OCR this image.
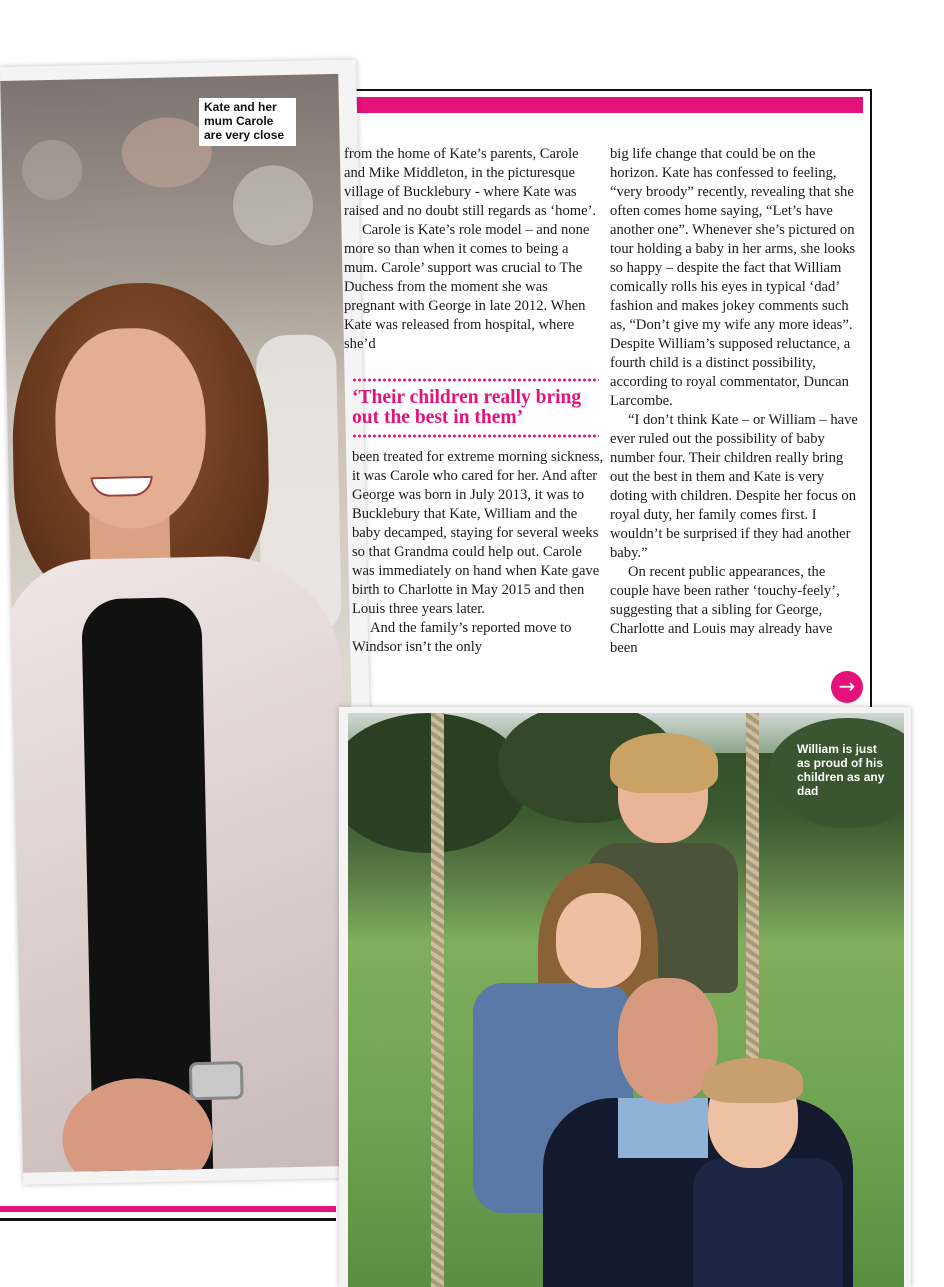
Kate and her mum Carole are very close

from the home of Kate’s parents, Carole and Mike Middleton, in the picturesque village of Bucklebury - where Kate was raised and no doubt still regards as ‘home’.

Carole is Kate’s role model – and none more so than when it comes to being a mum. Carole’ support was crucial to The Duchess from the moment she was pregnant with George in late 2012. When Kate was released from hospital, where she’d

‘Their children really bring out the best in them’

been treated for extreme morning sickness, it was Carole who cared for her. And after George was born in July 2013, it was to Bucklebury that Kate, William and the baby decamped, staying for several weeks so that Grandma could help out. Carole was immediately on hand when Kate gave birth to Charlotte in May 2015 and then Louis three years later.

And the family’s reported move to Windsor isn’t the only

big life change that could be on the horizon. Kate has confessed to feeling, “very broody” recently, revealing that she often comes home saying, “Let’s have another one”. Whenever she’s pictured on tour holding a baby in her arms, she looks so happy – despite the fact that William comically rolls his eyes in typical ‘dad’ fashion and makes jokey comments such as, “Don’t give my wife any more ideas”. Despite William’s supposed reluctance, a fourth child is a distinct possibility, according to royal commentator, Duncan Larcombe.

“I don’t think Kate – or William – have ever ruled out the possibility of baby number four. Their children really bring out the best in them and Kate is very doting with children. Despite her focus on royal duty, her family comes first. I wouldn’t be surprised if they had another baby.”

On recent public appearances, the couple have been rather ‘touchy-feely’, suggesting that a sibling for George, Charlotte and Louis may already have been

→
William is just as proud of his children as any dad
